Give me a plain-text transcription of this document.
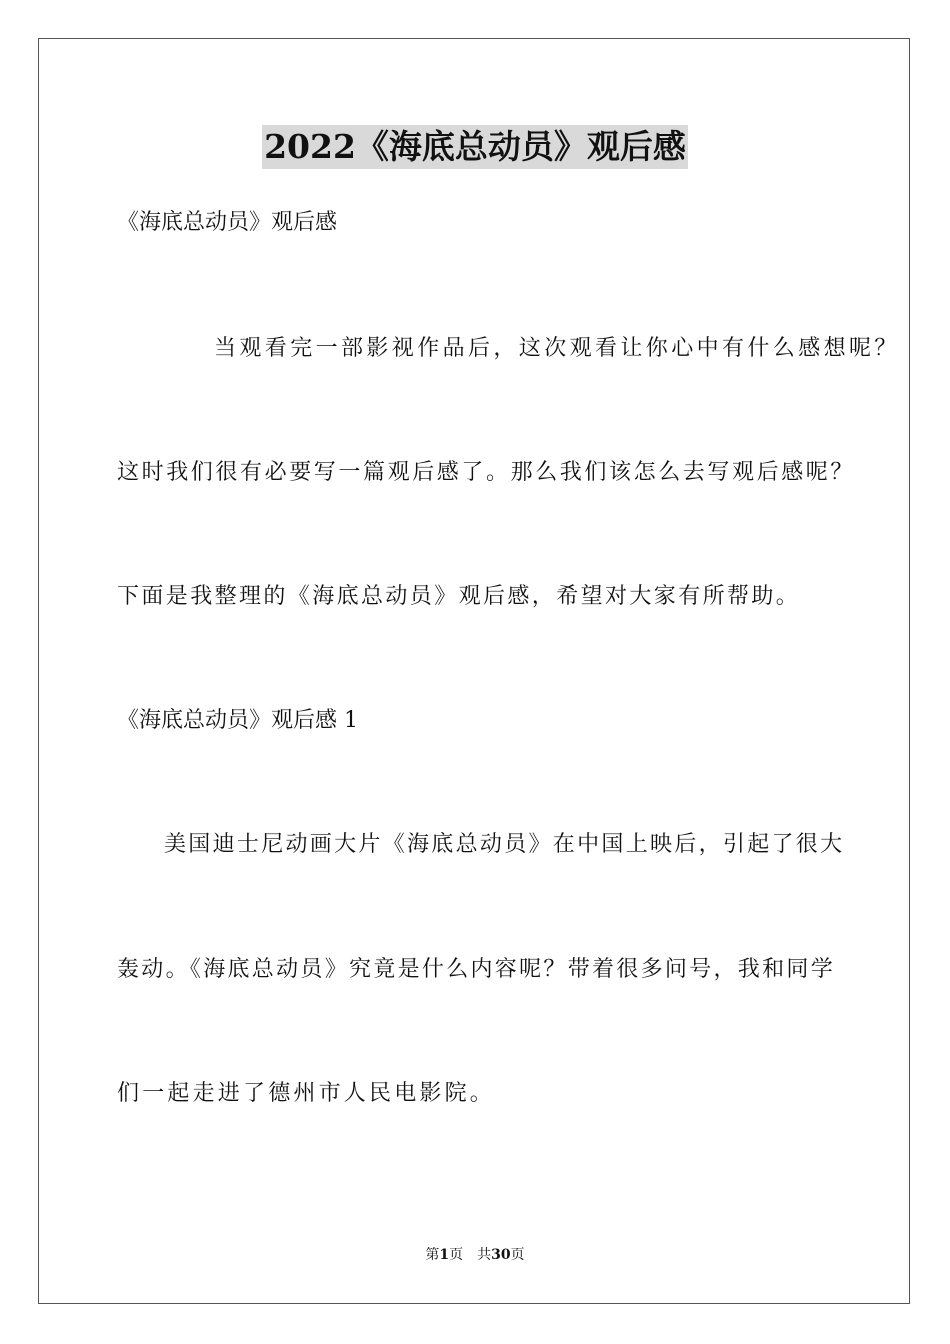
2022《海底总动员》观后感

《海底总动员》观后感

当观看完一部影视作品后，这次观看让你心中有什么感想呢？

这时我们很有必要写一篇观后感了。那么我们该怎么去写观后感呢？

下面是我整理的《海底总动员》观后感，希望对大家有所帮助。

《海底总动员》观后感 1

美国迪士尼动画大片《海底总动员》在中国上映后，引起了很大

轰动。《海底总动员》究竟是什么内容呢？带着很多问号，我和同学

们一起走进了德州市人民电影院。

第1页 共30页
